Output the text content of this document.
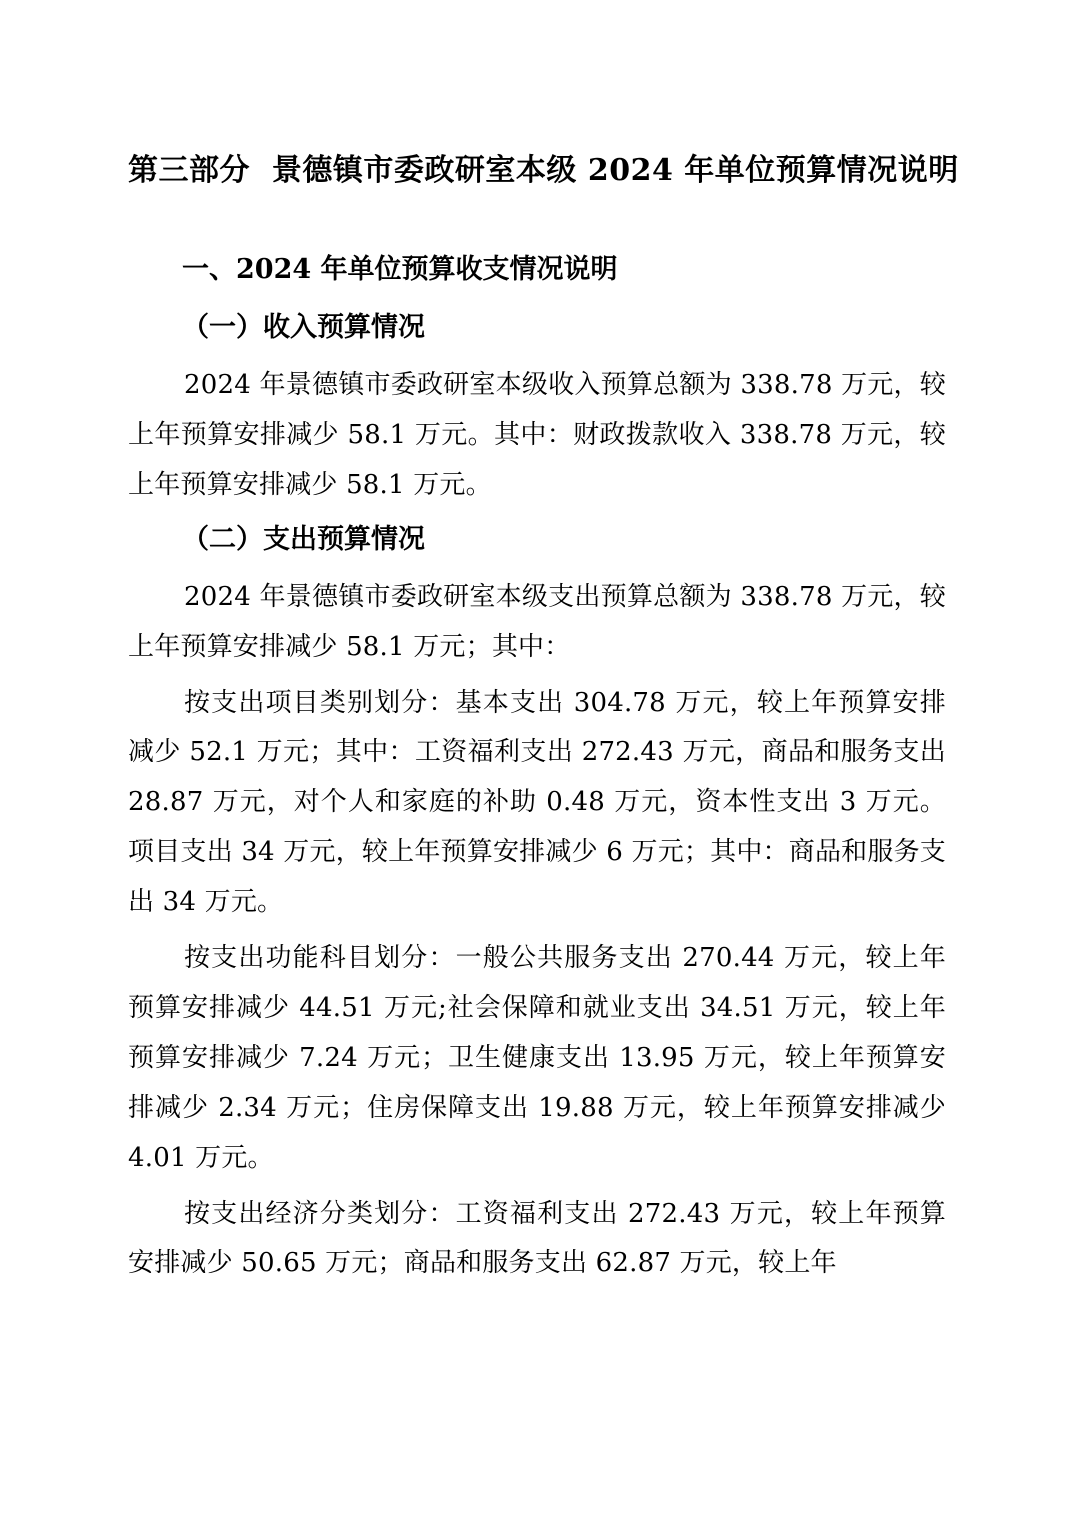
第三部分  景德镇市委政研室本级 2024 年单位预算情况说明
一、2024 年单位预算收支情况说明
（一）收入预算情况

2024 年景德镇市委政研室本级收入预算总额为 338.78 万元，较上年预算安排减少 58.1 万元。其中：财政拨款收入 338.78 万元，较上年预算安排减少 58.1 万元。

（二）支出预算情况

2024 年景德镇市委政研室本级支出预算总额为 338.78 万元，较上年预算安排减少 58.1 万元；其中：

按支出项目类别划分：基本支出 304.78 万元，较上年预算安排减少 52.1 万元；其中：工资福利支出 272.43 万元，商品和服务支出 28.87 万元，对个人和家庭的补助 0.48 万元，资本性支出 3 万元。项目支出 34 万元，较上年预算安排减少 6 万元；其中：商品和服务支出 34 万元。

按支出功能科目划分：一般公共服务支出 270.44 万元，较上年预算安排减少 44.51 万元;社会保障和就业支出 34.51 万元，较上年预算安排减少 7.24 万元；卫生健康支出 13.95 万元，较上年预算安排减少 2.34 万元；住房保障支出 19.88 万元，较上年预算安排减少 4.01 万元。

按支出经济分类划分：工资福利支出 272.43 万元，较上年预算安排减少 50.65 万元；商品和服务支出 62.87 万元，较上年
